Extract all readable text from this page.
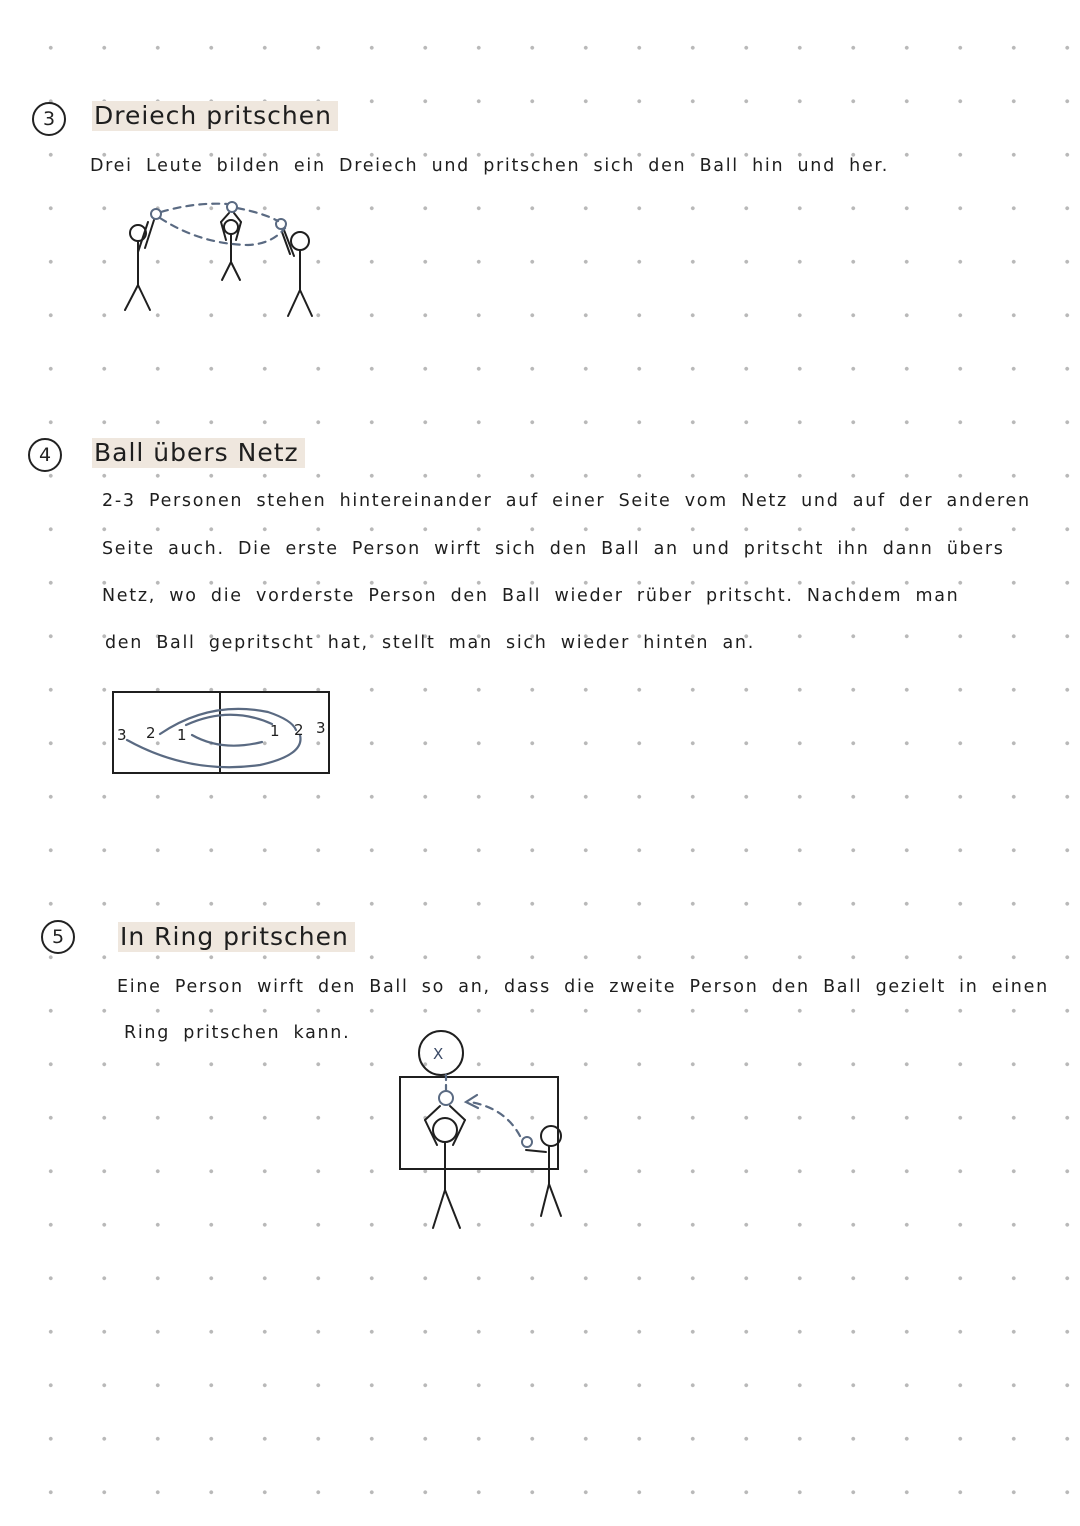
3	Dreiech pritschen
Drei Leute bilden ein Dreiech und pritschen sich den Ball hin und her.
4	Ball übers Netz
2-3 Personen stehen hintereinander auf einer Seite vom Netz und auf der anderen
Seite auch. Die erste Person wirft sich den Ball an und pritscht ihn dann übers
Netz, wo die vorderste Person den Ball wieder rüber pritscht. Nachdem man
den Ball gepritscht hat, stellt man sich wieder hinten an.
3 2 1	1 2 3
5	In Ring pritschen
Eine Person wirft den Ball so an, dass die zweite Person den Ball gezielt in einen
Ring pritschen kann.
X
